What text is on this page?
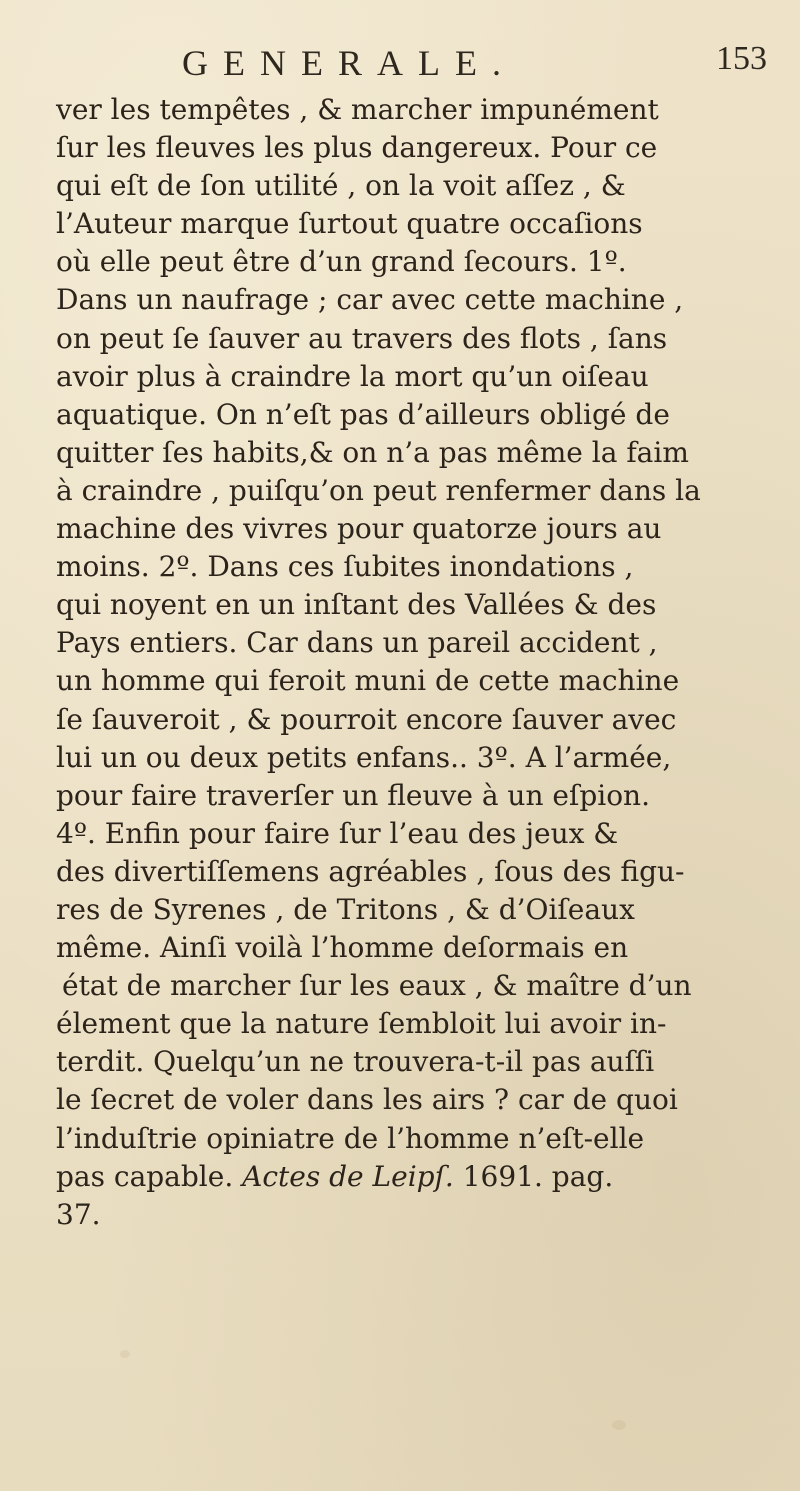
GENERALE.	153
ver les tempêtes , & marcher impunément
ſur les fleuves les plus dangereux. Pour ce
qui eſt de ſon utilité , on la voit aſſez , &
l’Auteur marque ſurtout quatre occaſions
où elle peut être d’un grand ſecours. 1º.
Dans un naufrage ; car avec cette machine ,
on peut ſe ſauver au travers des flots , ſans
avoir plus à craindre la mort qu’un oiſeau
aquatique. On n’eſt pas d’ailleurs obligé de
quitter ſes habits,& on n’a pas même la faim
à craindre , puiſqu’on peut renfermer dans la
machine des vivres pour quatorze jours au
moins. 2º. Dans ces ſubites inondations ,
qui noyent en un inſtant des Vallées & des
Pays entiers. Car dans un pareil accident ,
un homme qui feroit muni de cette machine
ſe ſauveroit , & pourroit encore ſauver avec
lui un ou deux petits enfans.. 3º. A l’armée,
pour faire traverſer un fleuve à un eſpion.
4º. Enfin pour faire ſur l’eau des jeux &
des divertiſſemens agréables , ſous des figu-
res de Syrenes , de Tritons , & d’Oiſeaux
même. Ainſi voilà l’homme deſormais en
état de marcher ſur les eaux , & maître d’un
élement que la nature ſembloit lui avoir in-
terdit. Quelqu’un ne trouvera-t-il pas auſſi
le ſecret de voler dans les airs ? car de quoi
l’induſtrie opiniatre de l’homme n’eſt-elle
pas capable. Actes de Leipſ. 1691. pag.
37.
